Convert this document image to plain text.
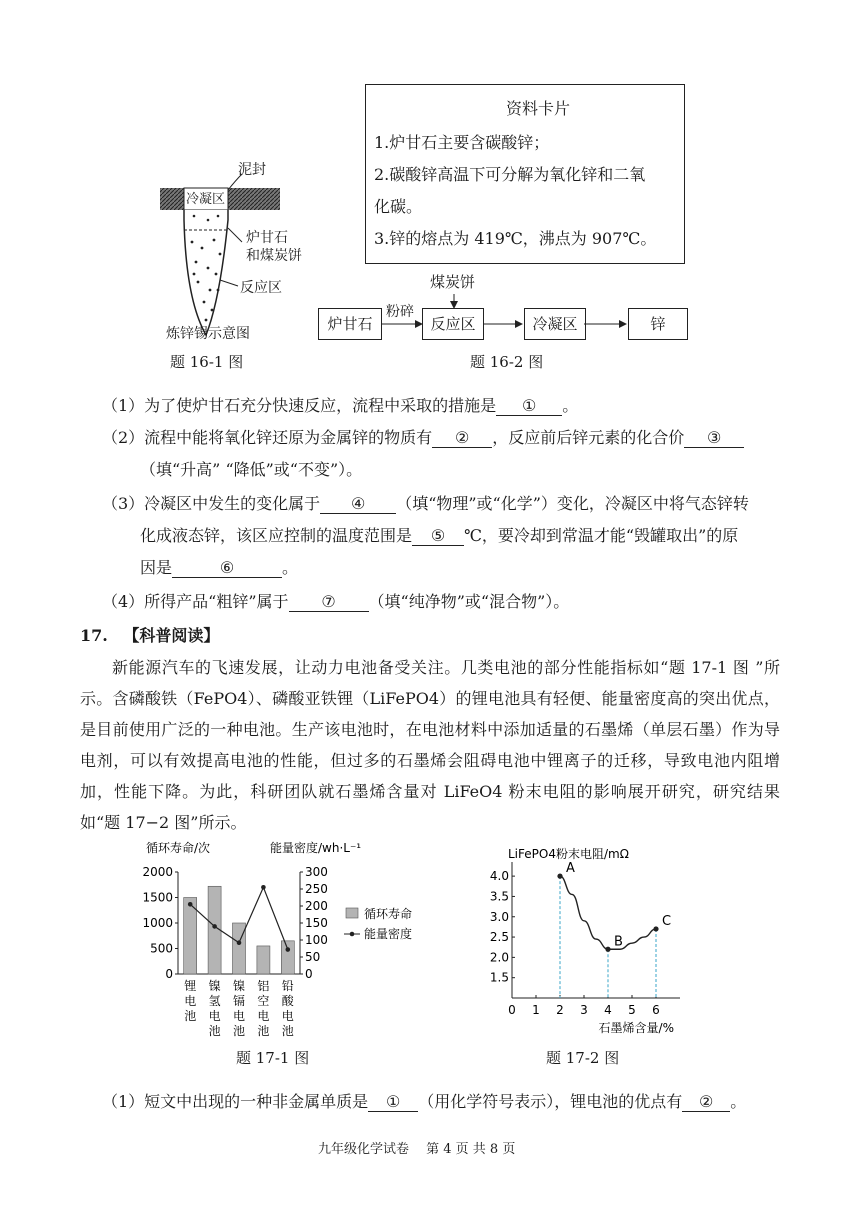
泥封
冷凝区
炉甘石
和煤炭饼
反应区
炼锌锡示意图
题 16-1 图
资料卡片
1.炉甘石主要含碳酸锌；
2.碳酸锌高温下可分解为氧化锌和二氧
化碳。
3.锌的熔点为 419℃，沸点为 907℃。
煤炭饼
粉碎
炉甘石	反应区	冷凝区	锌
题 16-2 图
（1）为了使炉甘石充分快速反应，流程中采取的措施是 ① 。
（2）流程中能将氧化锌还原为金属锌的物质有 ② ，反应前后锌元素的化合价 ③
（填“升高” “降低”或“不变”）。
（3）冷凝区中发生的变化属于 ④ （填“物理”或“化学”）变化，冷凝区中将气态锌转
化成液态锌，该区应控制的温度范围是 ⑤ ℃，要冷却到常温才能“毁罐取出”的原
因是	⑥	。
（4）所得产品“粗锌”属于 ⑦ （填“纯净物”或“混合物”）。
17. 【科普阅读】
新能源汽车的飞速发展，让动力电池备受关注。几类电池的部分性能指标如“题 17-1 图 ”所示。含磷酸铁（FePO4）、磷酸亚铁锂（LiFePO4）的锂电池具有轻便、能量密度高的突出优点，是目前使用广泛的一种电池。生产该电池时，在电池材料中添加适量的石墨烯（单层石墨）作为导电剂，可以有效提高电池的性能，但过多的石墨烯会阻碍电池中锂离子的迁移，导致电池内阻增加，性能下降。为此，科研团队就石墨烯含量对 LiFeO4 粉末电阻的影响展开研究，研究结果如“题 17−2 图”所示。
循环寿命/次	能量密度/wh·L⁻¹
0
500
1000
1500
2000
0
50
100
150
200
250
300
锂
电
池
镍
氢
电
池
镍
镉
电
池
铝
空
电
池
铅
酸
电
池
循环寿命
能量密度
题 17-1 图
LiFePO4粉末电阻/mΩ
1.5
2.0
2.5
3.0
3.5
4.0
0 1 2 3 4 5 6
石墨烯含量/%
A
B
C
题 17-2 图
（1）短文中出现的一种非金属单质是 ① （用化学符号表示），锂电池的优点有 ② 。
九年级化学试卷　 第 4 页 共 8 页
